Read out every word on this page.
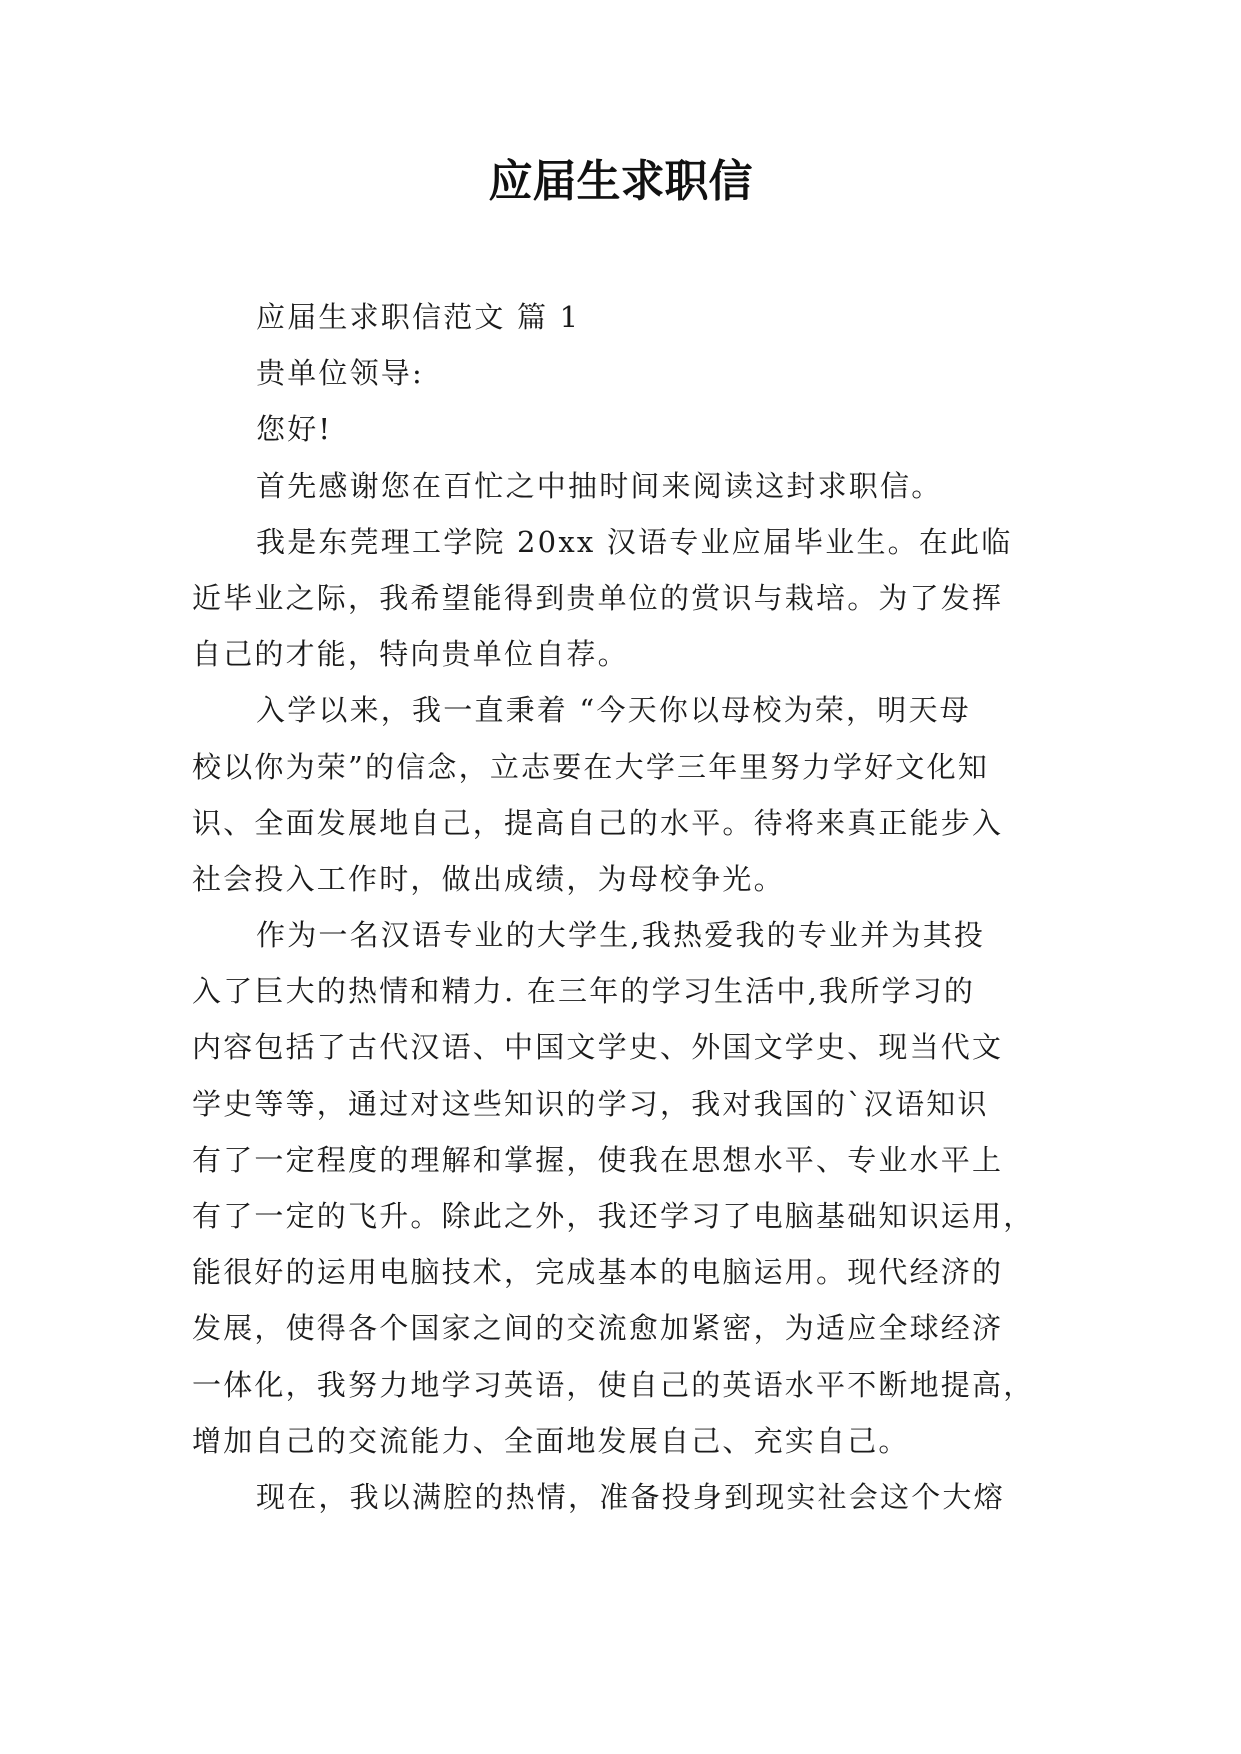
应届生求职信
应届生求职信范文 篇 1
贵单位领导:
您好!
首先感谢您在百忙之中抽时间来阅读这封求职信。
我是东莞理工学院 20xx 汉语专业应届毕业生。在此临
近毕业之际，我希望能得到贵单位的赏识与栽培。为了发挥
自己的才能，特向贵单位自荐。
入学以来，我一直秉着 “今天你以母校为荣，明天母
校以你为荣”的信念，立志要在大学三年里努力学好文化知
识、全面发展地自己，提高自己的水平。待将来真正能步入
社会投入工作时，做出成绩，为母校争光。
作为一名汉语专业的大学生,我热爱我的专业并为其投
入了巨大的热情和精力. 在三年的学习生活中,我所学习的
内容包括了古代汉语、中国文学史、外国文学史、现当代文
学史等等，通过对这些知识的学习，我对我国的`汉语知识
有了一定程度的理解和掌握，使我在思想水平、专业水平上
有了一定的飞升。除此之外，我还学习了电脑基础知识运用，
能很好的运用电脑技术，完成基本的电脑运用。现代经济的
发展，使得各个国家之间的交流愈加紧密，为适应全球经济
一体化，我努力地学习英语，使自己的英语水平不断地提高，
增加自己的交流能力、全面地发展自己、充实自己。
现在，我以满腔的热情，准备投身到现实社会这个大熔
